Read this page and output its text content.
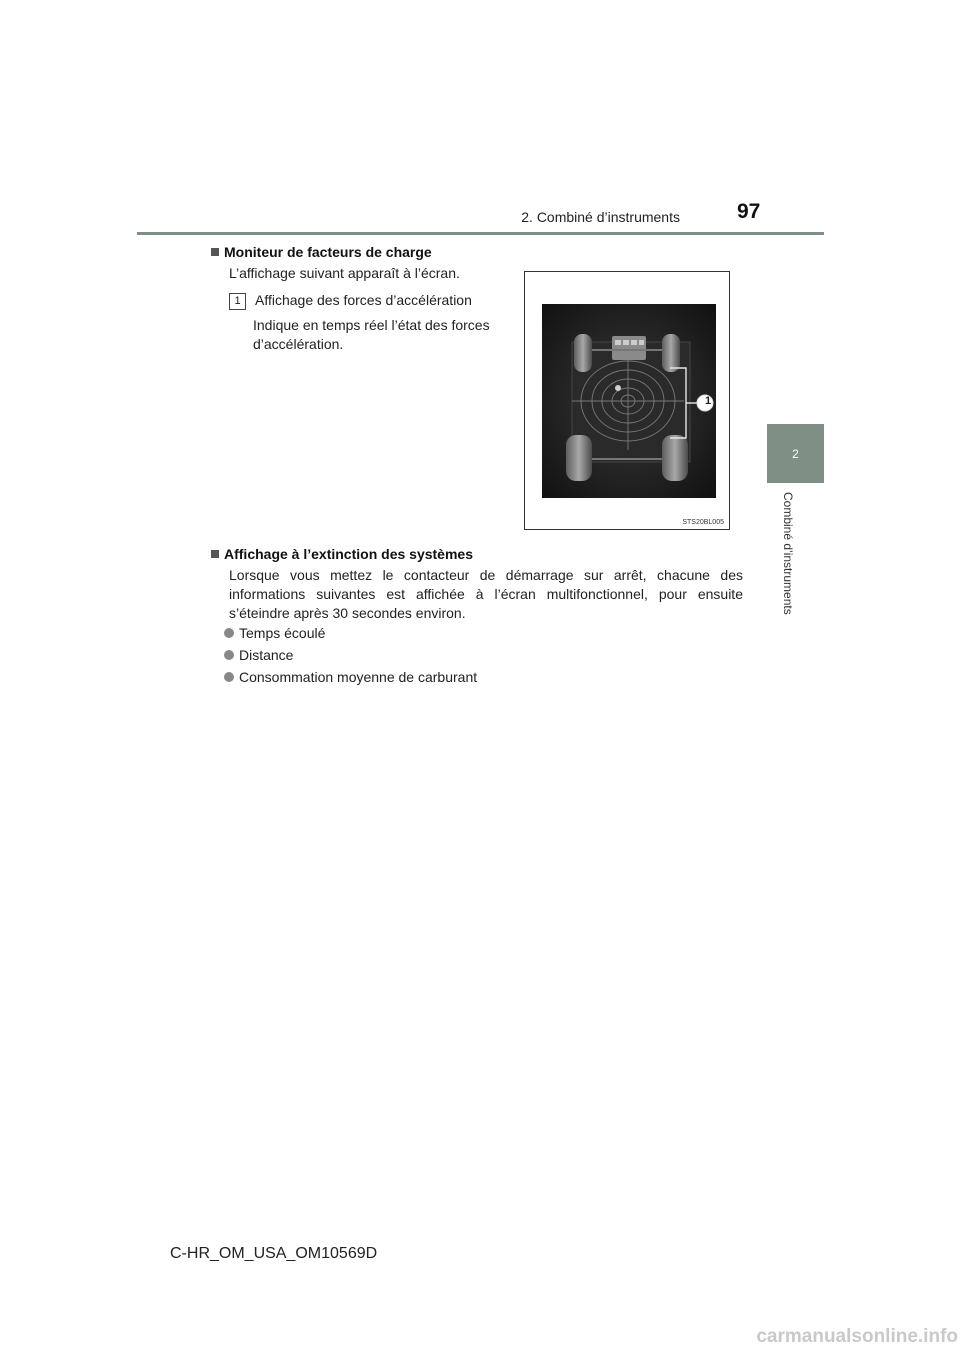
2. Combiné d’instruments	97
2
Combiné d’instruments
Moniteur de facteurs de charge
L’affichage suivant apparaît à l’écran.
1 Affichage des forces d’accélération
Indique en temps réel l’état des forces d’accélération.
1
STS20BL005
Affichage à l’extinction des systèmes
Lorsque vous mettez le contacteur de démarrage sur arrêt, chacune des informations suivantes est affichée à l’écran multifonctionnel, pour ensuite s’éteindre après 30 secondes environ.
Temps écoulé
Distance
Consommation moyenne de carburant
C-HR_OM_USA_OM10569D
carmanualsonline.info
